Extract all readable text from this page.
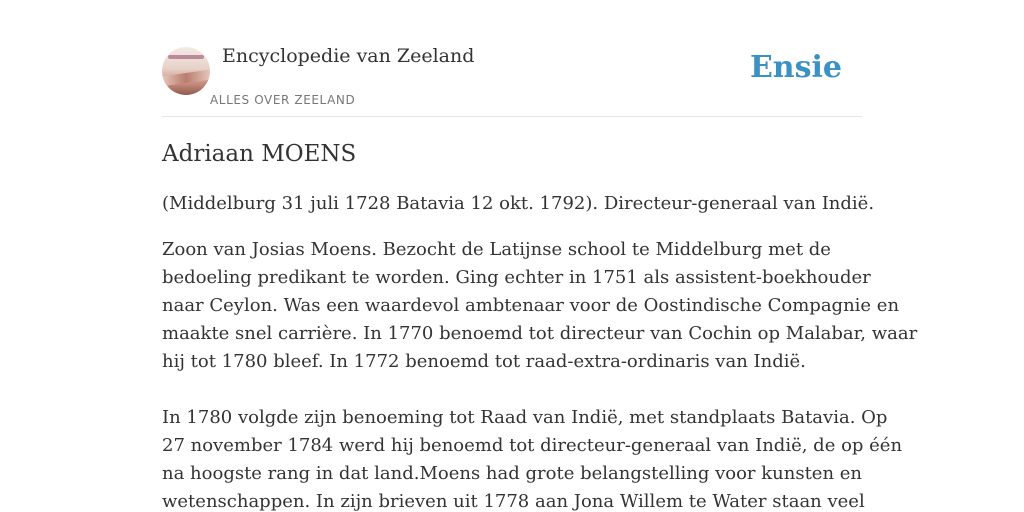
Encyclopedie van Zeeland
ALLES OVER ZEELAND
Ensie
Adriaan MOENS

(Middelburg 31 juli 1728 Batavia 12 okt. 1792). Directeur-generaal van Indië.

Zoon van Josias Moens. Bezocht de Latijnse school te Middelburg met de
bedoeling predikant te worden. Ging echter in 1751 als assistent-boekhouder
naar Ceylon. Was een waardevol ambtenaar voor de Oostindische Compagnie en
maakte snel carrière. In 1770 benoemd tot directeur van Cochin op Malabar, waar
hij tot 1780 bleef. In 1772 benoemd tot raad-extra-ordinaris van Indië.

In 1780 volgde zijn benoeming tot Raad van Indië, met standplaats Batavia. Op
27 november 1784 werd hij benoemd tot directeur-generaal van Indië, de op één
na hoogste rang in dat land.Moens had grote belangstelling voor kunsten en
wetenschappen. In zijn brieven uit 1778 aan Jona Willem te Water staan veel
